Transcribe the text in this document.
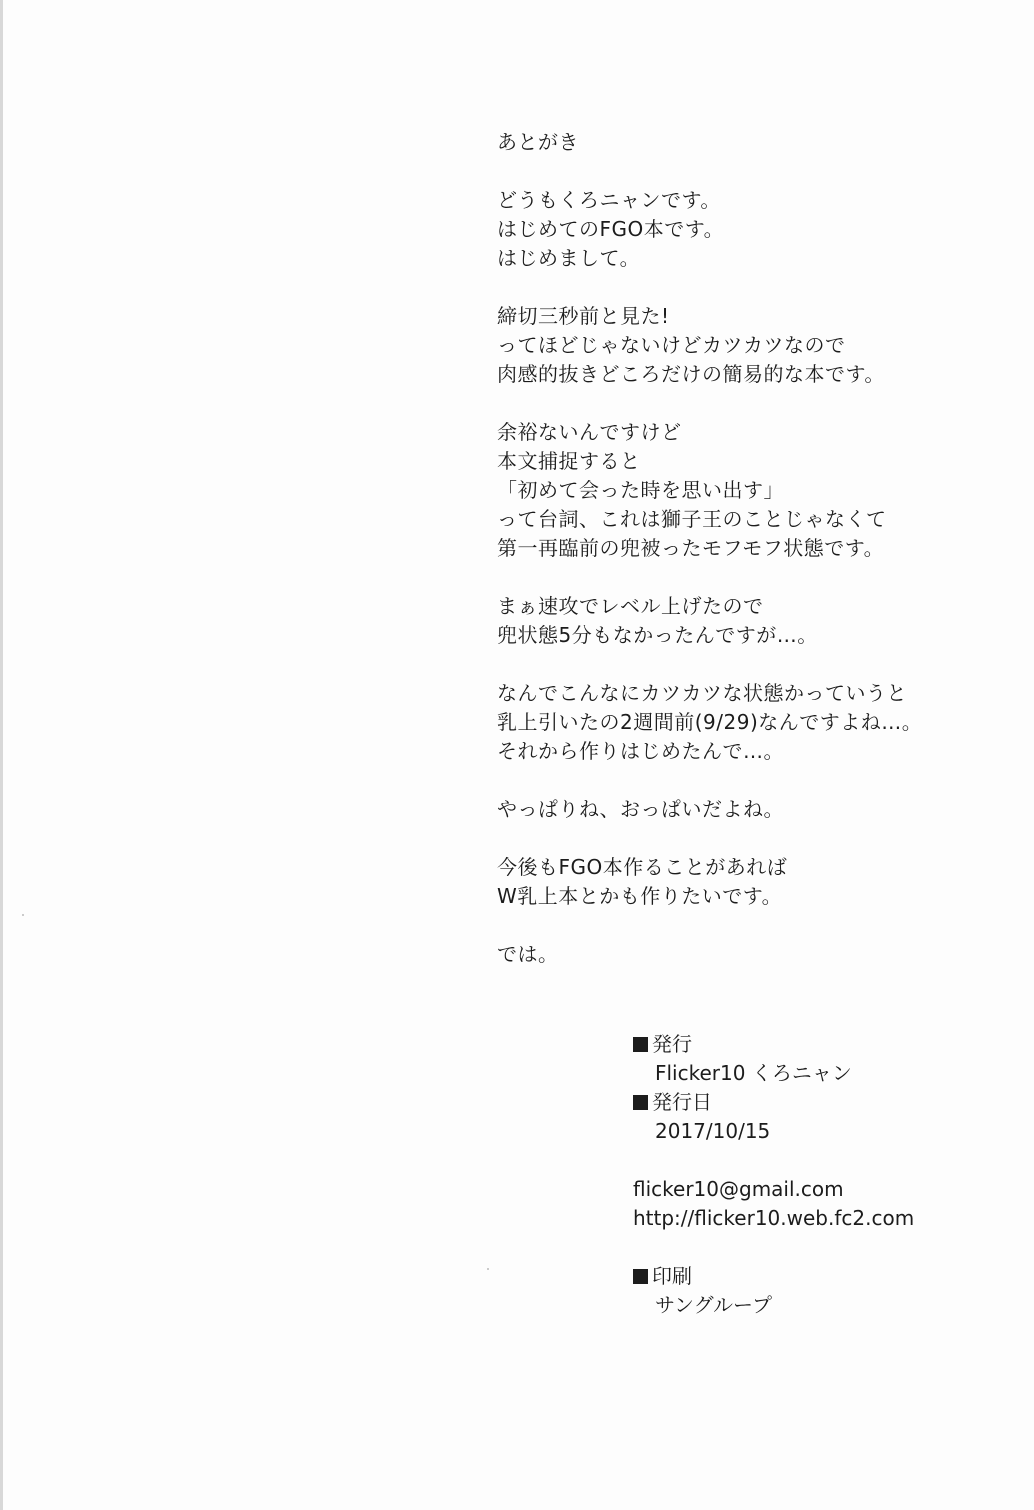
あとがき
どうもくろニャンです。
はじめてのFGO本です。
はじめまして。
締切三秒前と見た!
ってほどじゃないけどカツカツなので
肉感的抜きどころだけの簡易的な本です。
余裕ないんですけど
本文捕捉すると
「初めて会った時を思い出す」
って台詞、これは獅子王のことじゃなくて
第一再臨前の兜被ったモフモフ状態です。
まぁ速攻でレベル上げたので
兜状態5分もなかったんですが…。
なんでこんなにカツカツな状態かっていうと
乳上引いたの2週間前(9/29)なんですよね…。
それから作りはじめたんで…。
やっぱりね、おっぱいだよね。
今後もFGO本作ることがあれば
W乳上本とかも作りたいです。
では。
発行
Flicker10 くろニャン
発行日
2017/10/15
flicker10@gmail.com
http://flicker10.web.fc2.com
印刷
サングループ
